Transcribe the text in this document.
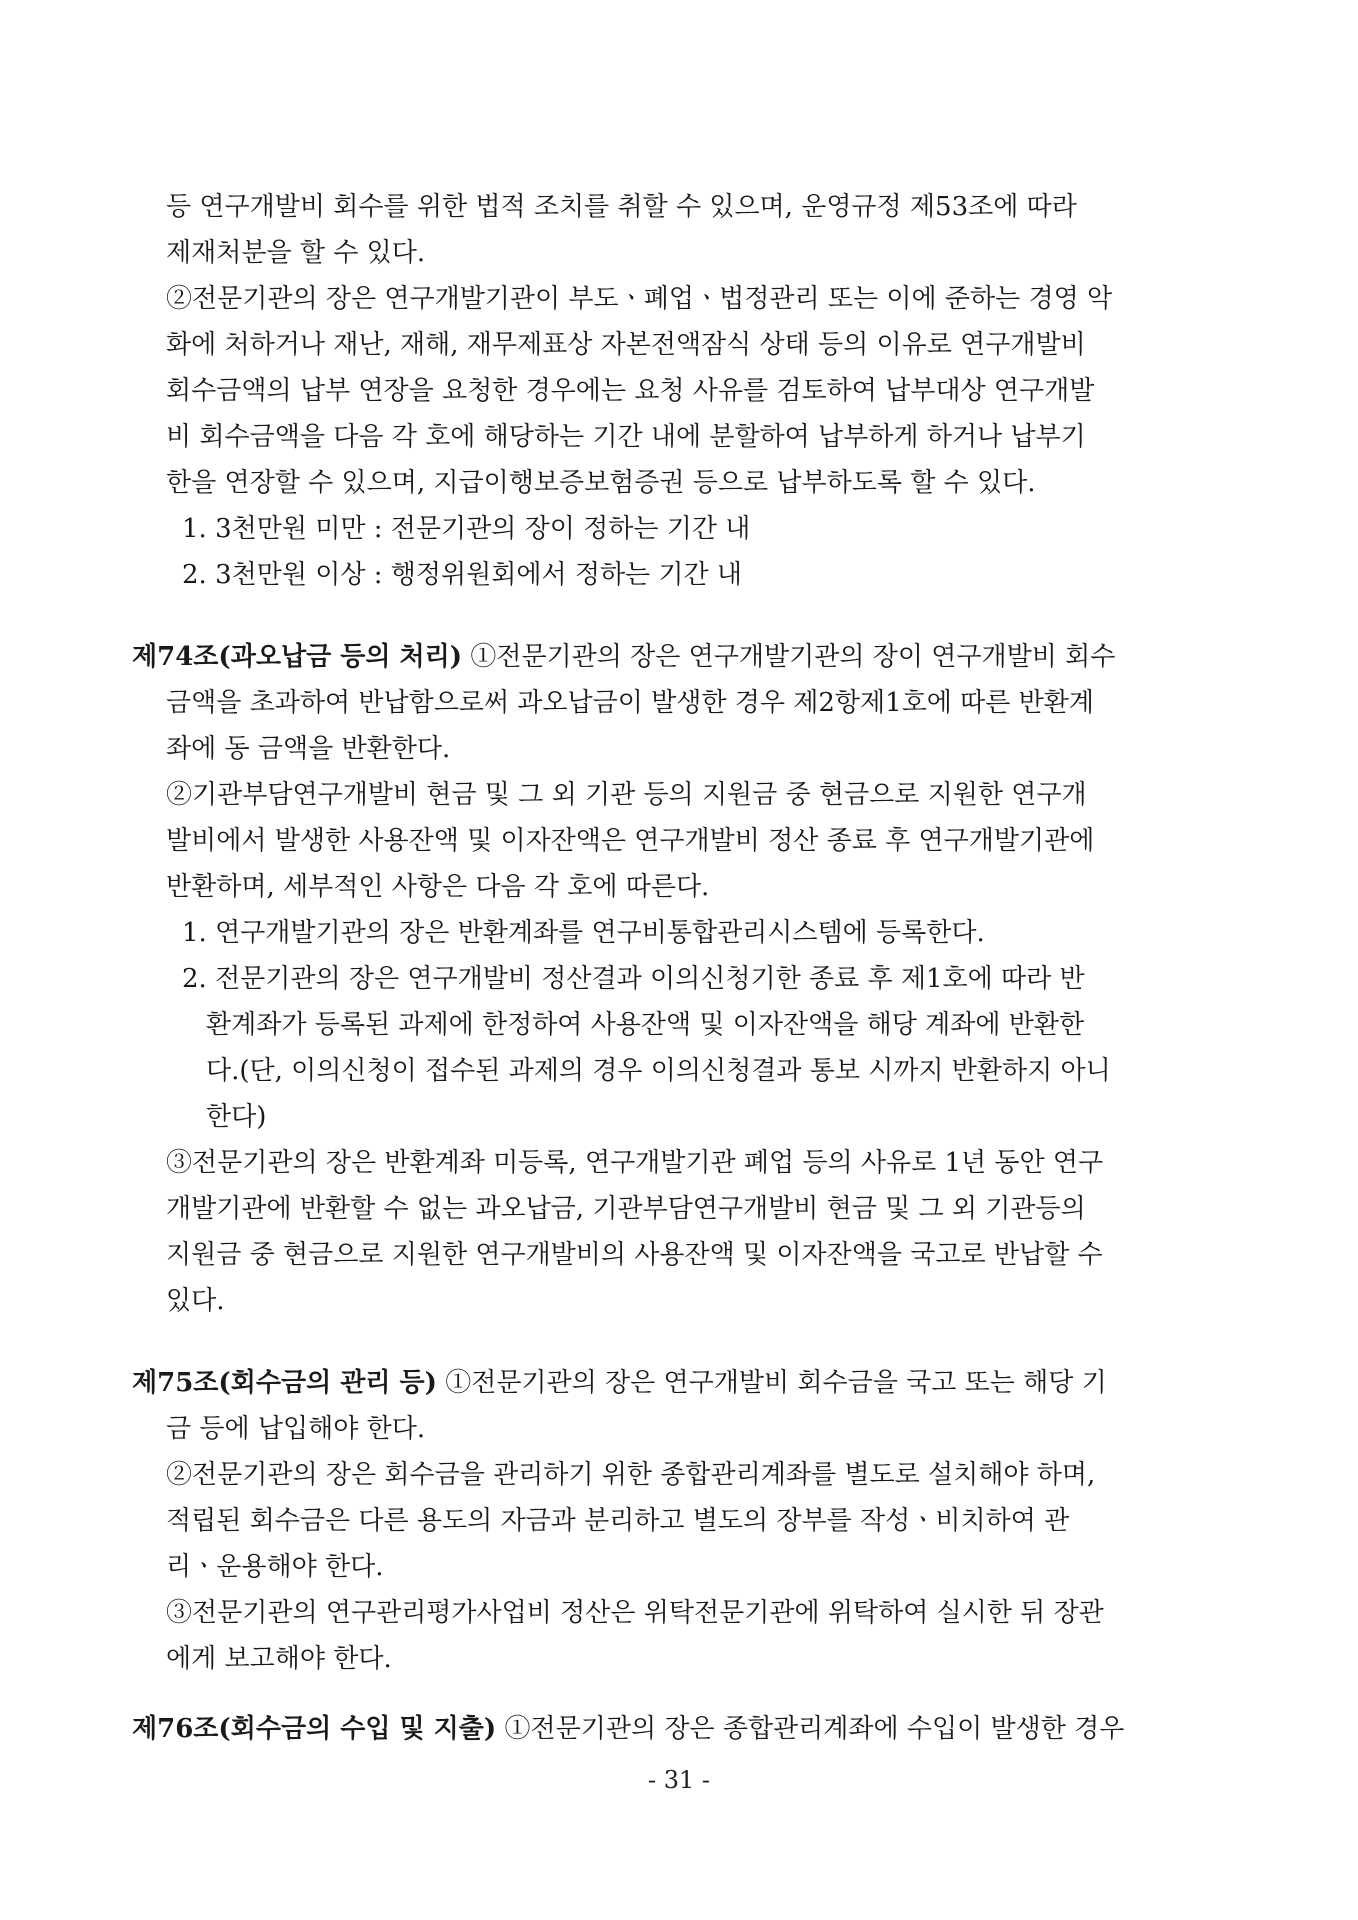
등 연구개발비 회수를 위한 법적 조치를 취할 수 있으며, 운영규정 제53조에 따라
제재처분을 할 수 있다.
②전문기관의 장은 연구개발기관이 부도ㆍ폐업ㆍ법정관리 또는 이에 준하는 경영 악
화에 처하거나 재난, 재해, 재무제표상 자본전액잠식 상태 등의 이유로 연구개발비
회수금액의 납부 연장을 요청한 경우에는 요청 사유를 검토하여 납부대상 연구개발
비 회수금액을 다음 각 호에 해당하는 기간 내에 분할하여 납부하게 하거나 납부기
한을 연장할 수 있으며, 지급이행보증보험증권 등으로 납부하도록 할 수 있다.
1. 3천만원 미만 : 전문기관의 장이 정하는 기간 내
2. 3천만원 이상 : 행정위원회에서 정하는 기간 내
제74조(과오납금 등의 처리) ①전문기관의 장은 연구개발기관의 장이 연구개발비 회수
금액을 초과하여 반납함으로써 과오납금이 발생한 경우 제2항제1호에 따른 반환계
좌에 동 금액을 반환한다.
②기관부담연구개발비 현금 및 그 외 기관 등의 지원금 중 현금으로 지원한 연구개
발비에서 발생한 사용잔액 및 이자잔액은 연구개발비 정산 종료 후 연구개발기관에
반환하며, 세부적인 사항은 다음 각 호에 따른다.
1. 연구개발기관의 장은 반환계좌를 연구비통합관리시스템에 등록한다.
2. 전문기관의 장은 연구개발비 정산결과 이의신청기한 종료 후 제1호에 따라 반
환계좌가 등록된 과제에 한정하여 사용잔액 및 이자잔액을 해당 계좌에 반환한
다.(단, 이의신청이 접수된 과제의 경우 이의신청결과 통보 시까지 반환하지 아니
한다)
③전문기관의 장은 반환계좌 미등록, 연구개발기관 폐업 등의 사유로 1년 동안 연구
개발기관에 반환할 수 없는 과오납금, 기관부담연구개발비 현금 및 그 외 기관등의
지원금 중 현금으로 지원한 연구개발비의 사용잔액 및 이자잔액을 국고로 반납할 수
있다.
제75조(회수금의 관리 등) ①전문기관의 장은 연구개발비 회수금을 국고 또는 해당 기
금 등에 납입해야 한다.
②전문기관의 장은 회수금을 관리하기 위한 종합관리계좌를 별도로 설치해야 하며,
적립된 회수금은 다른 용도의 자금과 분리하고 별도의 장부를 작성ㆍ비치하여 관
리ㆍ운용해야 한다.
③전문기관의 연구관리평가사업비 정산은 위탁전문기관에 위탁하여 실시한 뒤 장관
에게 보고해야 한다.
제76조(회수금의 수입 및 지출) ①전문기관의 장은 종합관리계좌에 수입이 발생한 경우
- 31 -
